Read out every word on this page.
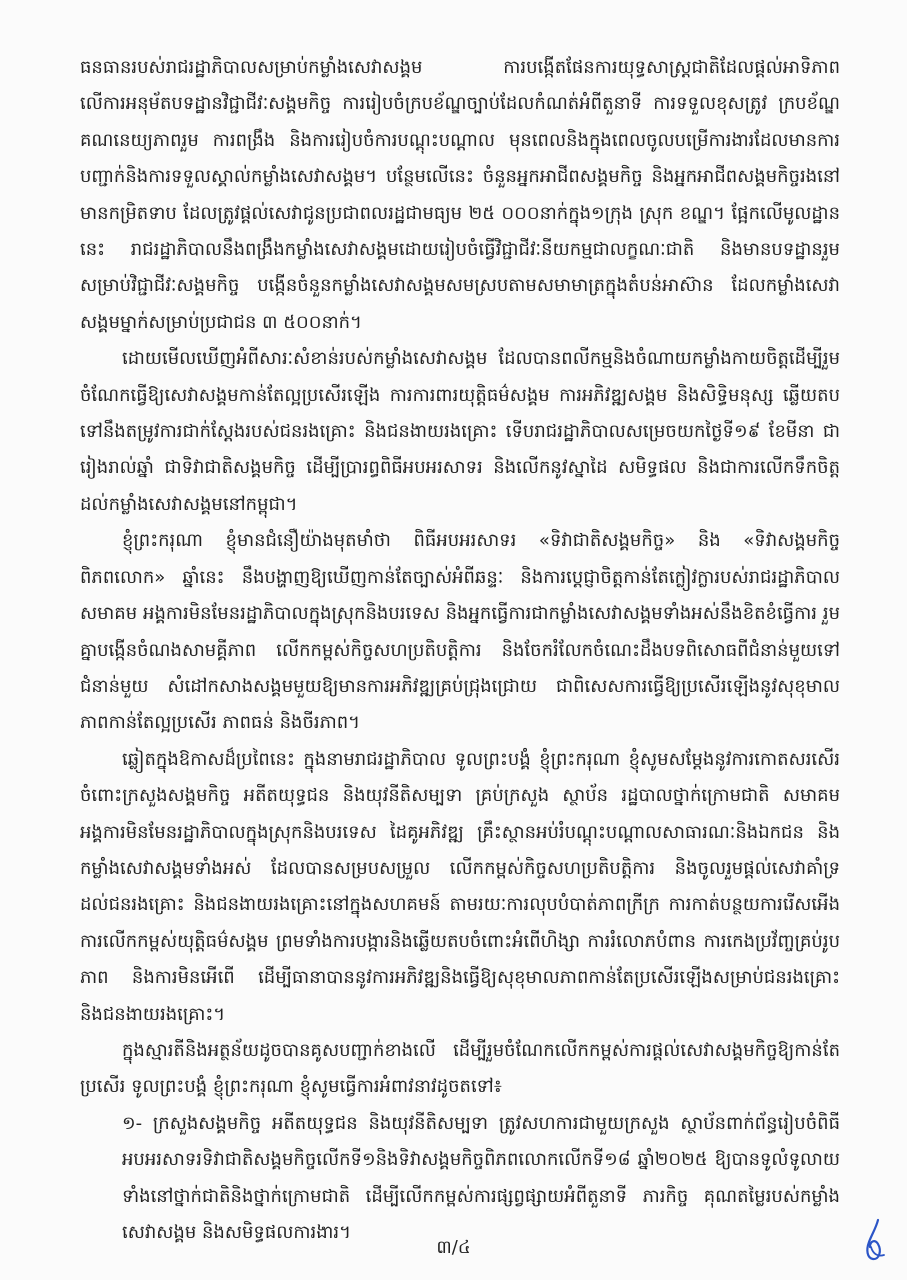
ធនធានរបស់រាជរដ្ឋាភិបាលសម្រាប់កម្លាំងសេវាសង្គម ការបង្កើតផែនការយុទ្ធសាស្ត្រជាតិដែលផ្តល់អាទិភាពលើការអនុម័តបទដ្ឋានវិជ្ជាជីវៈសង្គមកិច្ច ការរៀបចំក្របខ័ណ្ឌច្បាប់ដែលកំណត់អំពីតួនាទី ការទទួលខុសត្រូវ ក្របខ័ណ្ឌគណនេយ្យភាពរួម ការពង្រឹង និងការរៀបចំការបណ្តុះបណ្តាល មុនពេលនិងក្នុងពេលចូលបម្រើការងារដែលមានការបញ្ជាក់និងការទទួលស្គាល់កម្លាំងសេវាសង្គម។ បន្ថែមលើនេះ ចំនួនអ្នកអាជីពសង្គមកិច្ច និងអ្នកអាជីពសង្គមកិច្ចរងនៅមានកម្រិតទាប ដែលត្រូវផ្តល់សេវាជូនប្រជាពលរដ្ឋជាមធ្យម ២៥ ០០០នាក់ក្នុង១ក្រុង ស្រុក ខណ្ឌ។ ផ្អែកលើមូលដ្ឋាននេះ រាជរដ្ឋាភិបាលនឹងពង្រឹងកម្លាំងសេវាសង្គមដោយរៀបចំធ្វើវិជ្ជាជីវៈនីយកម្មជាលក្ខណៈជាតិ និងមានបទដ្ឋានរួមសម្រាប់វិជ្ជាជីវៈសង្គមកិច្ច បង្កើនចំនួនកម្លាំងសេវាសង្គមសមស្របតាមសមាមាត្រក្នុងតំបន់អាស៊ាន ដែលកម្លាំងសេវាសង្គមម្នាក់សម្រាប់ប្រជាជន ៣ ៥០០នាក់។

ដោយមើលឃើញអំពីសារៈសំខាន់របស់កម្លាំងសេវាសង្គម ដែលបានពលីកម្មនិងចំណាយកម្លាំងកាយចិត្តដើម្បីរួមចំណែកធ្វើឱ្យសេវាសង្គមកាន់តែល្អប្រសើរឡើង ការការពារយុត្តិធម៌សង្គម ការអភិវឌ្ឍសង្គម និងសិទ្ធិមនុស្ស ឆ្លើយតបទៅនឹងតម្រូវការជាក់ស្តែងរបស់ជនរងគ្រោះ និងជនងាយរងគ្រោះ ទើបរាជរដ្ឋាភិបាលសម្រេចយកថ្ងៃទី១៩ ខែមីនា ជារៀងរាល់ឆ្នាំ ជាទិវាជាតិសង្គមកិច្ច ដើម្បីប្រារព្ធពិធីអបអរសាទរ និងលើកនូវស្នាដៃ សមិទ្ធផល និងជាការលើកទឹកចិត្តដល់កម្លាំងសេវាសង្គមនៅកម្ពុជា។

ខ្ញុំព្រះករុណា ខ្ញុំមានជំនឿយ៉ាងមុតមាំថា ពិធីអបអរសាទរ «ទិវាជាតិសង្គមកិច្ច» និង «ទិវាសង្គមកិច្ចពិភពលោក» ឆ្នាំនេះ នឹងបង្ហាញឱ្យឃើញកាន់តែច្បាស់អំពីឆន្ទៈ និងការប្តេជ្ញាចិត្តកាន់តែក្លៀវក្លារបស់រាជរដ្ឋាភិបាល សមាគម អង្គការមិនមែនរដ្ឋាភិបាលក្នុងស្រុកនិងបរទេស និងអ្នកធ្វើការជាកម្លាំងសេវាសង្គមទាំងអស់នឹងខិតខំធ្វើការ រួមគ្នាបង្កើនចំណងសាមគ្គីភាព លើកកម្ពស់កិច្ចសហប្រតិបត្តិការ និងចែករំលែកចំណេះដឹងបទពិសោធពីជំនាន់មួយទៅជំនាន់មួយ សំដៅកសាងសង្គមមួយឱ្យមានការអភិវឌ្ឍគ្រប់ជ្រុងជ្រោយ ជាពិសេសការធ្វើឱ្យប្រសើរឡើងនូវសុខុមាលភាពកាន់តែល្អប្រសើរ ភាពធន់ និងចីរភាព។

ឆ្លៀតក្នុងឱកាសដ៏ប្រពៃនេះ ក្នុងនាមរាជរដ្ឋាភិបាល ទូលព្រះបង្គំ ខ្ញុំព្រះករុណា ខ្ញុំសូមសម្តែងនូវការកោតសរសើរចំពោះក្រសួងសង្គមកិច្ច អតីតយុទ្ធជន និងយុវនីតិសម្បទា គ្រប់ក្រសួង ស្ថាប័ន រដ្ឋបាលថ្នាក់ក្រោមជាតិ សមាគម អង្គការមិនមែនរដ្ឋាភិបាលក្នុងស្រុកនិងបរទេស ដៃគូអភិវឌ្ឍ គ្រឹះស្ថានអប់រំបណ្តុះបណ្តាលសាធារណៈនិងឯកជន និងកម្លាំងសេវាសង្គមទាំងអស់ ដែលបានសម្របសម្រួល លើកកម្ពស់កិច្ចសហប្រតិបត្តិការ និងចូលរួមផ្តល់សេវាគាំទ្រដល់ជនរងគ្រោះ និងជនងាយរងគ្រោះនៅក្នុងសហគមន៍ តាមរយៈការលុបបំបាត់ភាពក្រីក្រ ការកាត់បន្ថយការរើសអើង ការលើកកម្ពស់យុត្តិធម៌សង្គម ព្រមទាំងការបង្ការនិងឆ្លើយតបចំពោះអំពើហិង្សា ការរំលោភបំពាន ការកេងប្រវ័ញ្ចគ្រប់រូបភាព និងការមិនអើពើ ដើម្បីធានាបាននូវការអភិវឌ្ឍនិងធ្វើឱ្យសុខុមាលភាពកាន់តែប្រសើរឡើងសម្រាប់ជនរងគ្រោះ និងជនងាយរងគ្រោះ។

ក្នុងស្មារតីនិងអត្ថន័យដូចបានគូសបញ្ជាក់ខាងលើ ដើម្បីរួមចំណែកលើកកម្ពស់ការផ្តល់សេវាសង្គមកិច្ចឱ្យកាន់តែប្រសើរ ទូលព្រះបង្គំ ខ្ញុំព្រះករុណា ខ្ញុំសូមធ្វើការអំពាវនាវដូចតទៅ៖

១- ក្រសួងសង្គមកិច្ច អតីតយុទ្ធជន និងយុវនីតិសម្បទា ត្រូវសហការជាមួយក្រសួង ស្ថាប័នពាក់ព័ន្ធរៀបចំពិធីអបអរសាទរទិវាជាតិសង្គមកិច្ចលើកទី១និងទិវាសង្គមកិច្ចពិភពលោកលើកទី១៨ ឆ្នាំ២០២៥ ឱ្យបានទូលំទូលាយទាំងនៅថ្នាក់ជាតិនិងថ្នាក់ក្រោមជាតិ ដើម្បីលើកកម្ពស់ការផ្សព្វផ្សាយអំពីតួនាទី ភារកិច្ច គុណតម្លៃរបស់កម្លាំងសេវាសង្គម និងសមិទ្ធផលការងារ។

៣/៤
